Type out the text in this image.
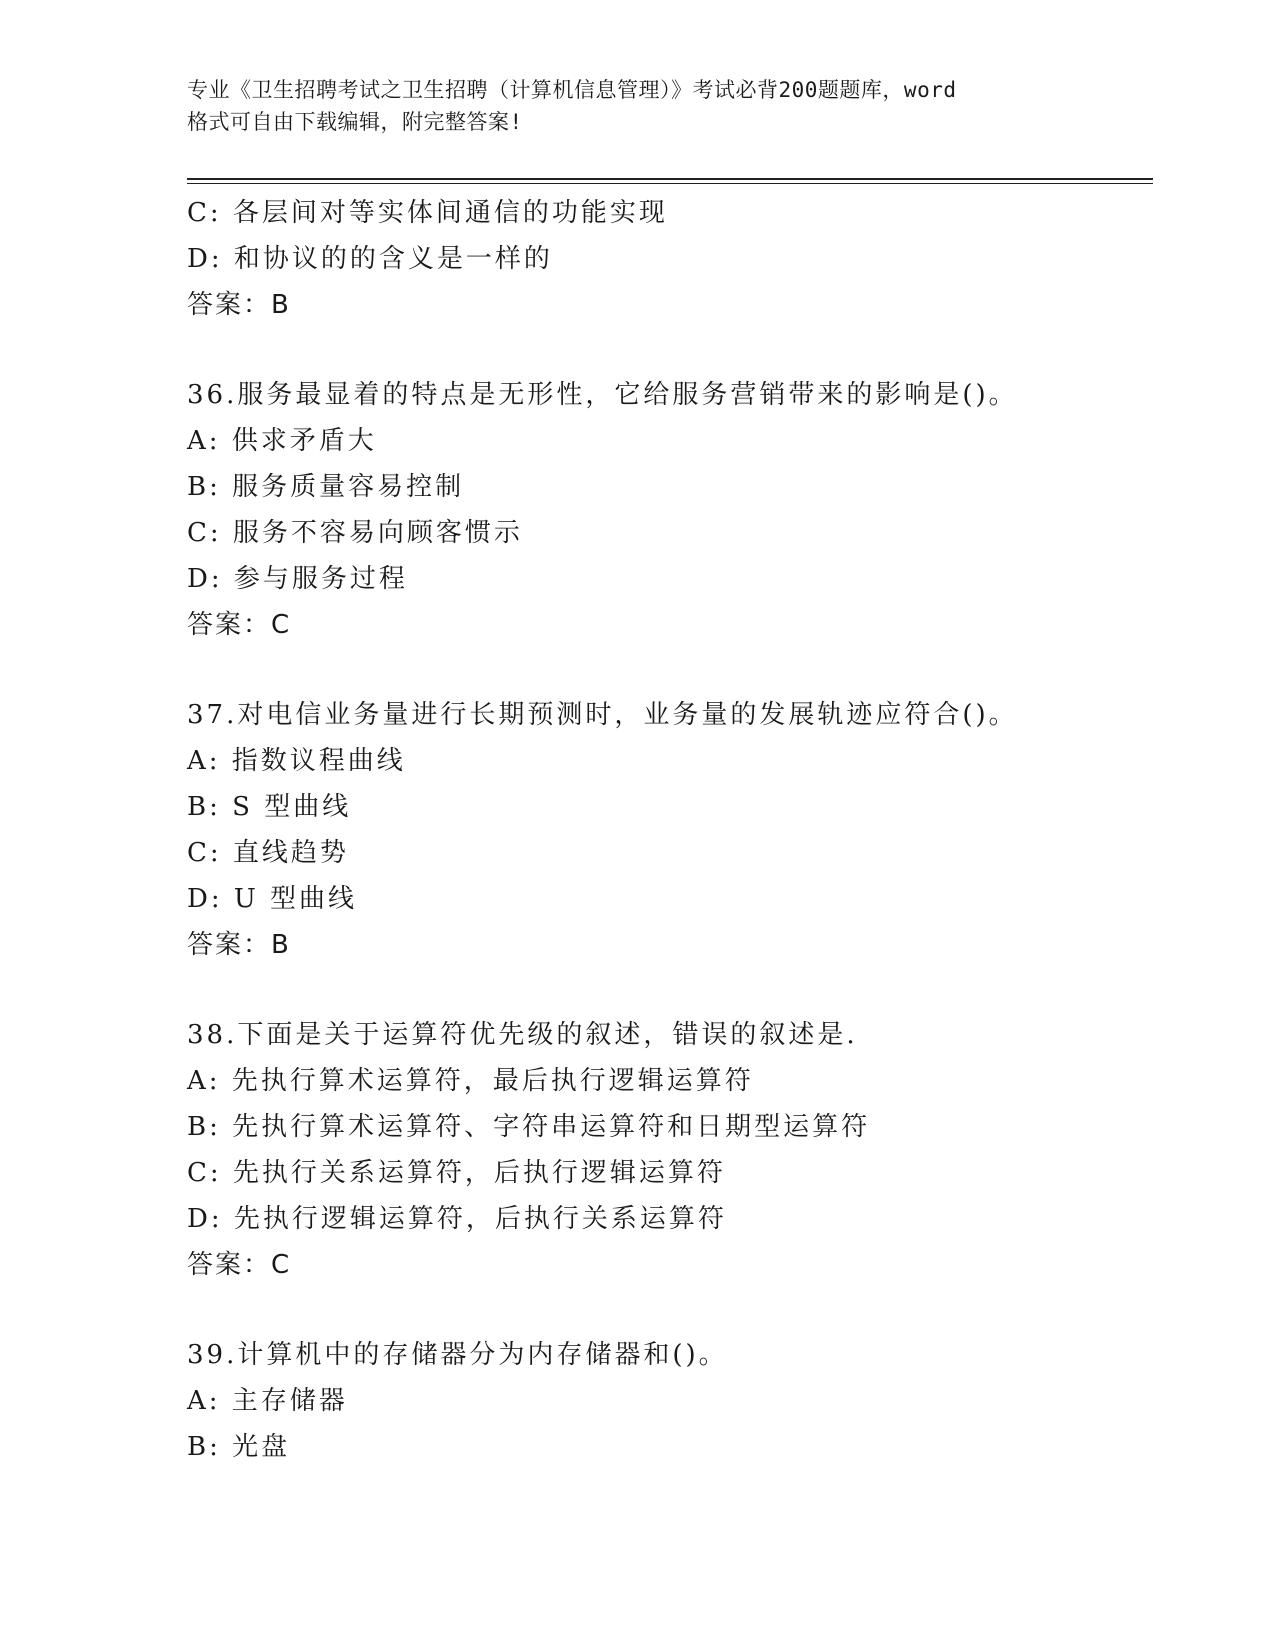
专业《卫生招聘考试之卫生招聘（计算机信息管理）》考试必背200题题库，word
格式可自由下载编辑，附完整答案!
C: 各层间对等实体间通信的功能实现
D: 和协议的的含义是一样的
答案：B
36.服务最显着的特点是无形性，它给服务营销带来的影响是()。
A: 供求矛盾大
B: 服务质量容易控制
C: 服务不容易向顾客惯示
D: 参与服务过程
答案：C
37.对电信业务量进行长期预测时，业务量的发展轨迹应符合()。
A: 指数议程曲线
B: S 型曲线
C: 直线趋势
D: U 型曲线
答案：B
38.下面是关于运算符优先级的叙述，错误的叙述是.
A: 先执行算术运算符，最后执行逻辑运算符
B: 先执行算术运算符、字符串运算符和日期型运算符
C: 先执行关系运算符，后执行逻辑运算符
D: 先执行逻辑运算符，后执行关系运算符
答案：C
39.计算机中的存储器分为内存储器和()。
A: 主存储器
B: 光盘
